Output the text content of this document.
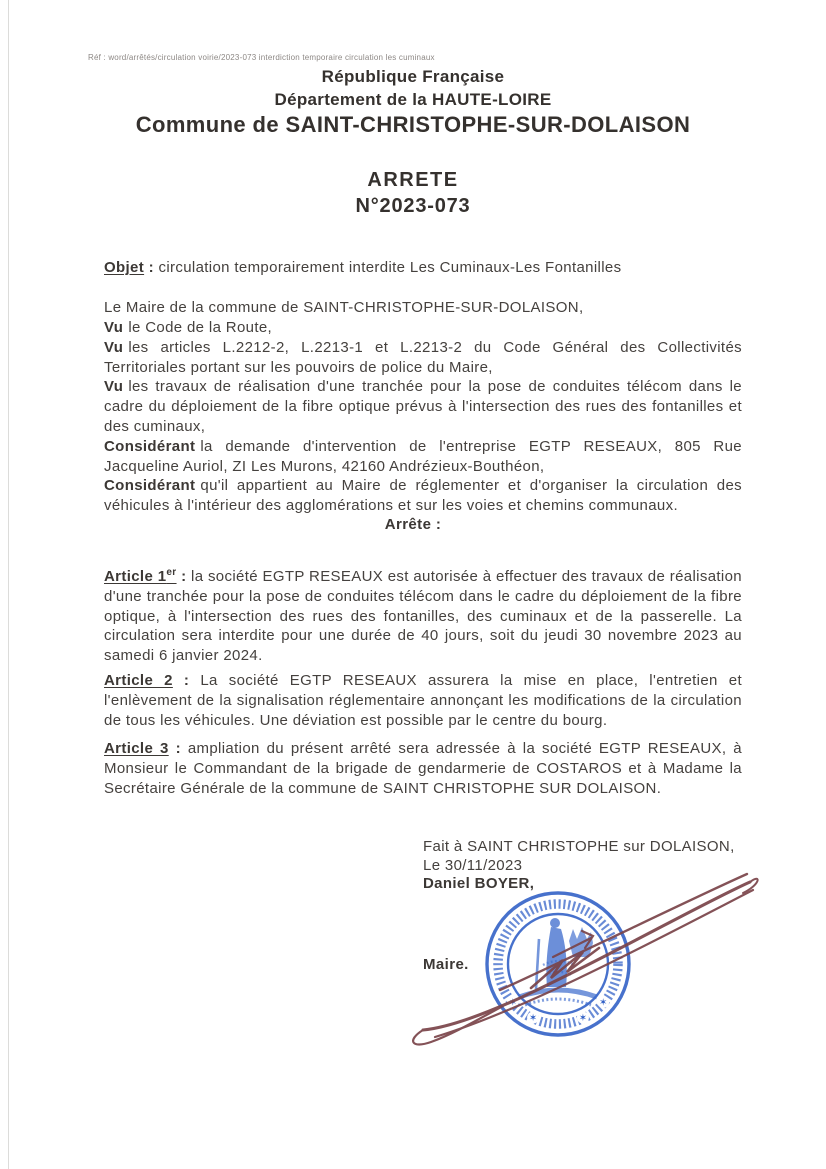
Réf : word/arrêtés/circulation voirie/2023-073 interdiction temporaire circulation les cuminaux
République Française
Département de la HAUTE-LOIRE
Commune de SAINT-CHRISTOPHE-SUR-DOLAISON
ARRETE
N°2023-073

Objet : circulation temporairement interdite Les Cuminaux-Les Fontanilles

Le Maire de la commune de SAINT-CHRISTOPHE-SUR-DOLAISON,

Vu le Code de la Route,

Vu les articles L.2212-2, L.2213-1 et L.2213-2 du Code Général des Collectivités Territoriales portant sur les pouvoirs de police du Maire,

Vu les travaux de réalisation d'une tranchée pour la pose de conduites télécom dans le cadre du déploiement de la fibre optique prévus à l'intersection des rues des fontanilles et des cuminaux,

Considérant la demande d'intervention de l'entreprise EGTP RESEAUX, 805 Rue Jacqueline Auriol, ZI Les Murons, 42160 Andrézieux-Bouthéon,

Considérant qu'il appartient au Maire de réglementer et d'organiser la circulation des véhicules à l'intérieur des agglomérations et sur les voies et chemins communaux.

Arrête :

Article 1er : la société EGTP RESEAUX est autorisée à effectuer des travaux de réalisation d'une tranchée pour la pose de conduites télécom dans le cadre du déploiement de la fibre optique, à l'intersection des rues des fontanilles, des cuminaux et de la passerelle. La circulation sera interdite pour une durée de 40 jours, soit du jeudi 30 novembre 2023 au samedi 6 janvier 2024.

Article 2 : La société EGTP RESEAUX assurera la mise en place, l'entretien et l'enlèvement de la signalisation réglementaire annonçant les modifications de la circulation de tous les véhicules. Une déviation est possible par le centre du bourg.

Article 3 : ampliation du présent arrêté sera adressée à la société EGTP RESEAUX, à Monsieur le Commandant de la brigade de gendarmerie de COSTAROS et à Madame la Secrétaire Générale de la commune de SAINT CHRISTOPHE SUR DOLAISON.

Fait à SAINT CHRISTOPHE sur DOLAISON,
Le 30/11/2023
Daniel BOYER,
Maire.
✶
✶	✶
✶
